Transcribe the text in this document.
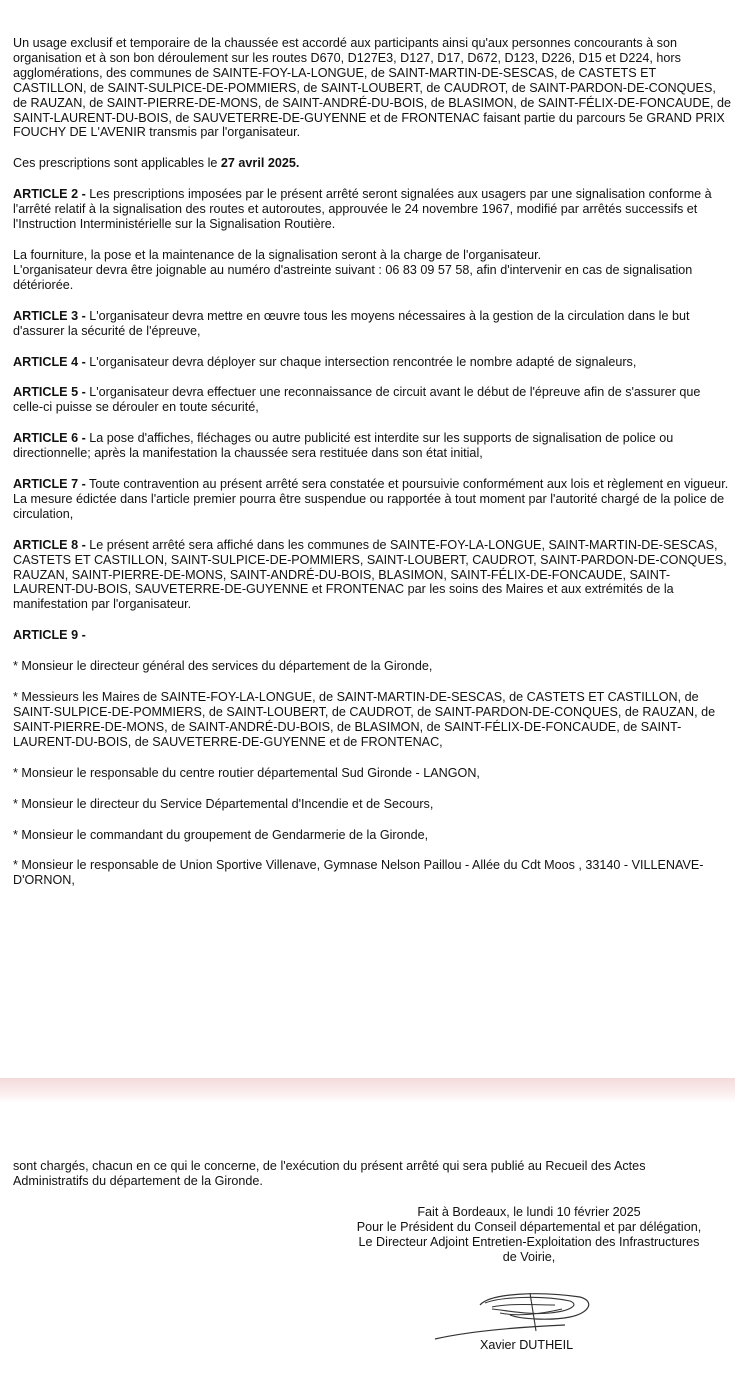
Un usage exclusif et temporaire de la chaussée est accordé aux participants ainsi qu'aux personnes concourants à son organisation et à son bon déroulement sur les routes D670, D127E3, D127, D17, D672, D123, D226, D15 et D224, hors agglomérations, des communes de SAINTE-FOY-LA-LONGUE, de SAINT-MARTIN-DE-SESCAS, de CASTETS ET CASTILLON, de SAINT-SULPICE-DE-POMMIERS, de SAINT-LOUBERT, de CAUDROT, de SAINT-PARDON-DE-CONQUES, de RAUZAN, de SAINT-PIERRE-DE-MONS, de SAINT-ANDRÉ-DU-BOIS, de BLASIMON, de SAINT-FÉLIX-DE-FONCAUDE, de SAINT-LAURENT-DU-BOIS, de SAUVETERRE-DE-GUYENNE et de FRONTENAC faisant partie du parcours 5e GRAND PRIX FOUCHY DE L'AVENIR transmis par l'organisateur.

Ces prescriptions sont applicables le 27 avril 2025.

ARTICLE 2 - Les prescriptions imposées par le présent arrêté seront signalées aux usagers par une signalisation conforme à l'arrêté relatif à la signalisation des routes et autoroutes, approuvée le 24 novembre 1967, modifié par arrêtés successifs et l'Instruction Interministérielle sur la Signalisation Routière.

La fourniture, la pose et la maintenance de la signalisation seront à la charge de l'organisateur.
L'organisateur devra être joignable au numéro d'astreinte suivant : 06 83 09 57 58, afin d'intervenir en cas de signalisation détériorée.

ARTICLE 3 - L'organisateur devra mettre en œuvre tous les moyens nécessaires à la gestion de la circulation dans le but d'assurer la sécurité de l'épreuve,

ARTICLE 4 - L'organisateur devra déployer sur chaque intersection rencontrée le nombre adapté de signaleurs,

ARTICLE 5 - L'organisateur devra effectuer une reconnaissance de circuit avant le début de l'épreuve afin de s'assurer que celle-ci puisse se dérouler en toute sécurité,

ARTICLE 6 - La pose d'affiches, fléchages ou autre publicité est interdite sur les supports de signalisation de police ou directionnelle; après la manifestation la chaussée sera restituée dans son état initial,

ARTICLE 7 - Toute contravention au présent arrêté sera constatée et poursuivie conformément aux lois et règlement en vigueur.
La mesure édictée dans l'article premier pourra être suspendue ou rapportée à tout moment par l'autorité chargé de la police de circulation,

ARTICLE 8 - Le présent arrêté sera affiché dans les communes de SAINTE-FOY-LA-LONGUE, SAINT-MARTIN-DE-SESCAS, CASTETS ET CASTILLON, SAINT-SULPICE-DE-POMMIERS, SAINT-LOUBERT, CAUDROT, SAINT-PARDON-DE-CONQUES, RAUZAN, SAINT-PIERRE-DE-MONS, SAINT-ANDRÉ-DU-BOIS, BLASIMON, SAINT-FÉLIX-DE-FONCAUDE, SAINT-LAURENT-DU-BOIS, SAUVETERRE-DE-GUYENNE et FRONTENAC par les soins des Maires et aux extrémités de la manifestation par l'organisateur.

ARTICLE 9 -

* Monsieur le directeur général des services du département de la Gironde,

* Messieurs les Maires de SAINTE-FOY-LA-LONGUE, de SAINT-MARTIN-DE-SESCAS, de CASTETS ET CASTILLON, de SAINT-SULPICE-DE-POMMIERS, de SAINT-LOUBERT, de CAUDROT, de SAINT-PARDON-DE-CONQUES, de RAUZAN, de SAINT-PIERRE-DE-MONS, de SAINT-ANDRÉ-DU-BOIS, de BLASIMON, de SAINT-FÉLIX-DE-FONCAUDE, de SAINT-LAURENT-DU-BOIS, de SAUVETERRE-DE-GUYENNE et de FRONTENAC,

* Monsieur le responsable du centre routier départemental Sud Gironde - LANGON,

* Monsieur le directeur du Service Départemental d'Incendie et de Secours,

* Monsieur le commandant du groupement de Gendarmerie de la Gironde,

* Monsieur le responsable de Union Sportive Villenave, Gymnase Nelson Paillou - Allée du Cdt Moos , 33140 - VILLENAVE-D'ORNON,

sont chargés, chacun en ce qui le concerne, de l'exécution du présent arrêté qui sera publié au Recueil des Actes Administratifs du département de la Gironde.

Fait à Bordeaux, le lundi 10 février 2025
Pour le Président du Conseil départemental et par délégation,
Le Directeur Adjoint Entretien-Exploitation des Infrastructures
de Voirie,
Xavier DUTHEIL
